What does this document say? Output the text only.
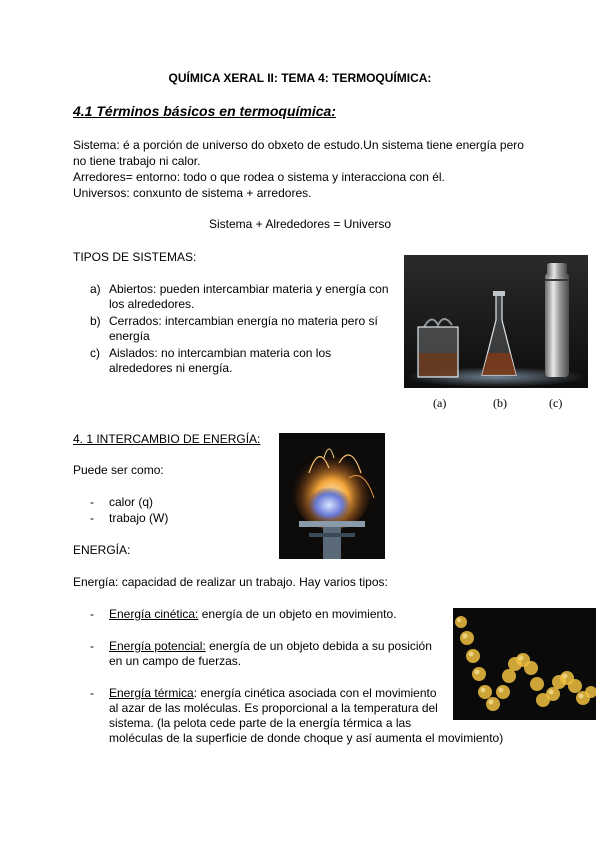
QUÍMICA XERAL II: TEMA 4: TERMOQUÍMICA:
4.1 Términos básicos en termoquímica:
Sistema: é a porción de universo do obxeto de estudo.Un sistema tiene energía pero
no tiene trabajo ni calor.
Arredores= entorno: todo o que rodea o sistema y interacciona con él.
Universos: conxunto de sistema + arredores.
Sistema + Alrededores = Universo
TIPOS DE SISTEMAS:
a) Abiertos: pueden intercambiar materia y energía con
los alrededores.
b) Cerrados: intercambian energía no materia pero sí
energía
c) Aislados: no intercambian materia con los
alrededores ni energía.
(a)	(b)	(c)
4. 1 INTERCAMBIO DE ENERGÍA:
Puede ser como:
- calor (q)
- trabajo (W)
ENERGÍA:
Energía: capacidad de realizar un trabajo. Hay varios tipos:
- Energía cinética: energía de un objeto en movimiento.
- Energía potencial: energía de un objeto debida a su posición
en un campo de fuerzas.
- Energía térmica: energía cinética asociada con el movimiento
al azar de las moléculas. Es proporcional a la temperatura del
sistema. (la pelota cede parte de la energía térmica a las
moléculas de la superficie de donde choque y así aumenta el movimiento)
